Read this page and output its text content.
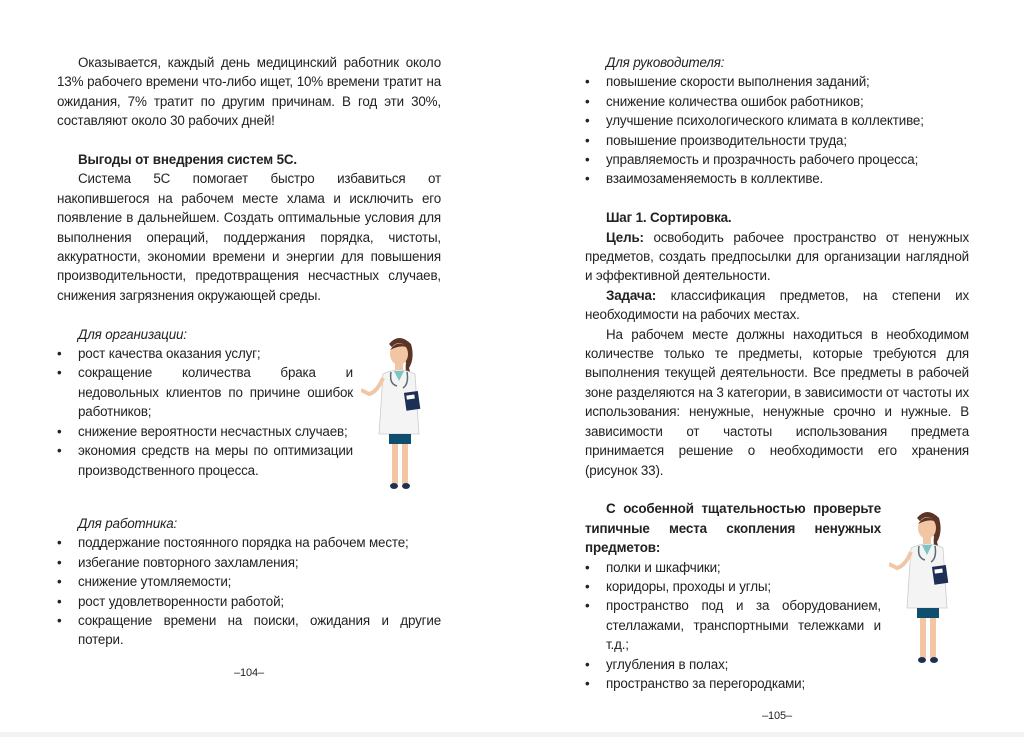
Оказывается, каждый день медицинский работник около 13% рабочего времени что-либо ищет, 10% времени тратит на ожидания, 7% тратит по другим причинам. В год эти 30%, составляют около 30 рабочих дней!

Выгоды от внедрения систем 5С.

Система 5С помогает быстро избавиться от накопившегося на рабочем месте хлама и исключить его появление в дальнейшем. Создать оптимальные условия для выполнения операций, поддержания порядка, чистоты, аккуратности, экономии времени и энергии для повышения производительности, предотвращения несчастных случаев, снижения загрязнения окружающей среды.

Для организации:

• рост качества оказания услуг;
• сокращение количества брака и недовольных клиентов по причине ошибок работников;
• снижение вероятности несчастных случаев;
• экономия средств на меры по оптимизации производственного процесса.

Для работника:

• поддержание постоянного порядка на рабочем месте;
• избегание повторного захламления;
• снижение утомляемости;
• рост удовлетворенности работой;
• сокращение времени на поиски, ожидания и другие потери.
–104–

Для руководителя:

• повышение скорости выполнения заданий;
• снижение количества ошибок работников;
• улучшение психологического климата в коллективе;
• повышение производительности труда;
• управляемость и прозрачность рабочего процесса;
• взаимозаменяемость в коллективе.

Шаг 1. Сортировка.

Цель: освободить рабочее пространство от ненужных предметов, создать предпосылки для организации наглядной и эффективной деятельности.

Задача: классификация предметов, на степени их необходимости на рабочих местах.

На рабочем месте должны находиться в необходимом количестве только те предметы, которые требуются для выполнения текущей деятельности. Все предметы в рабочей зоне разделяются на 3 категории, в зависимости от частоты их использования: ненужные, ненужные срочно и нужные. В зависимости от частоты использования предмета принимается решение о необходимости его хранения (рисунок 33).

С особенной тщательностью проверьте типичные места скопления ненужных предметов:

• полки и шкафчики;
• коридоры, проходы и углы;
• пространство под и за оборудованием, стеллажами, транспортными тележками и т.д.;
• углубления в полах;
• пространство за перегородками;
–105–
